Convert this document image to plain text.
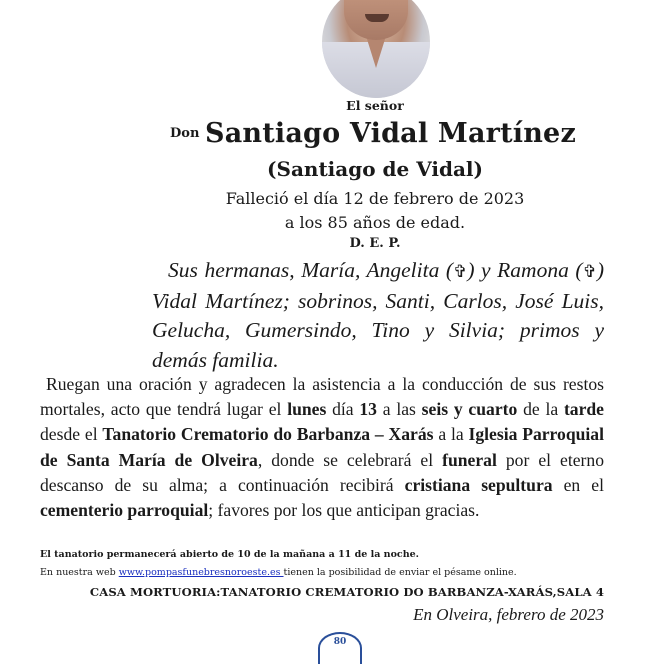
El señor
Don Santiago Vidal Martínez
(Santiago de Vidal)
Falleció el día 12 de febrero de 2023
a los 85 años de edad.
D. E. P.
Sus hermanas, María, Angelita (✞) y Ramona (✞) Vidal Martínez; sobrinos, Santi, Carlos, José Luis, Gelucha, Gumersindo, Tino y Silvia; primos y demás familia.
Ruegan una oración y agradecen la asistencia a la conducción de sus restos mortales, acto que tendrá lugar el lunes día 13 a las seis y cuarto de la tarde desde el Tanatorio Crematorio do Barbanza – Xarás a la Iglesia Parroquial de Santa María de Olveira, donde se celebrará el funeral por el eterno descanso de su alma; a continuación recibirá cristiana sepultura en el cementerio parroquial; favores por los que anticipan gracias.
El tanatorio permanecerá abierto de 10 de la mañana a 11 de la noche.
En nuestra web www.pompasfunebresnoroeste.es tienen la posibilidad de enviar el pésame online.
CASA MORTUORIA:TANATORIO CREMATORIO DO BARBANZA-XARÁS,SALA 4
En Olveira, febrero de 2023
80
